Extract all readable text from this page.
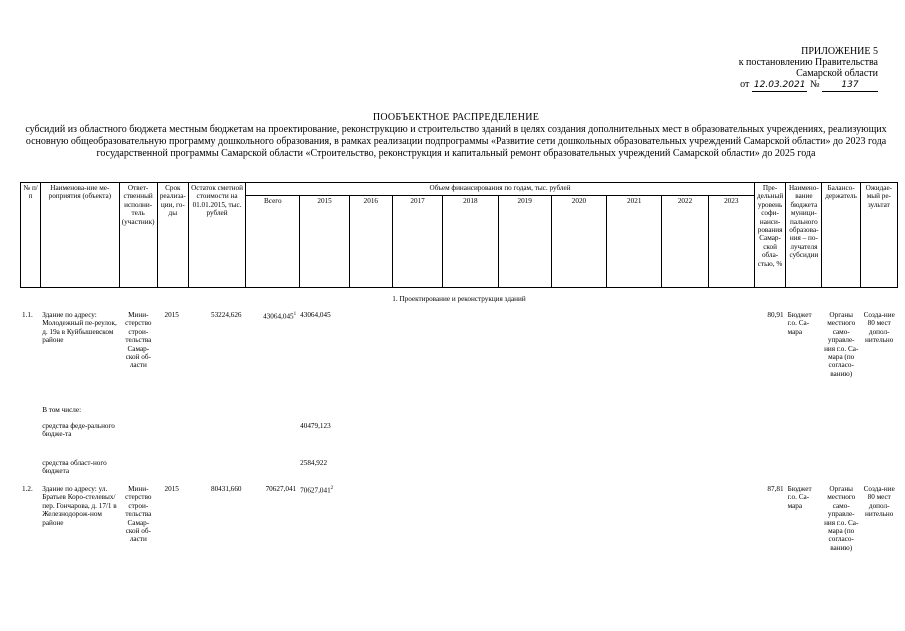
ПРИЛОЖЕНИЕ 5
к постановлению Правительства
Самарской области
от 12.03.2021 № 137
ПООБЪЕКТНОЕ РАСПРЕДЕЛЕНИЕ
субсидий из областного бюджета местным бюджетам на проектирование, реконструкцию и строительство зданий в целях создания дополнительных мест в образовательных учреждениях, реализующих основную общеобразовательную программу дошкольного образования, в рамках реализации подпрограммы «Развитие сети дошкольных образовательных учреждений Самарской области» до 2023 года государственной программы Самарской области «Строительство, реконструкция и капитальный ремонт образовательных учреждений Самарской области» до 2025 года
№ п/п	Наименова-ние ме-роприятия (объекта)	Ответ-ственный исполни-тель (участник)	Срок реализа-ции, го-ды	Остаток сметной стоимости на 01.01.2015, тыс. рублей	Объем финансирования по годам, тыс. рублей										Пре-дельный уровень софи-нанси-рования Самар-ской обла-стью, %	Наимено-вание бюджета муници-пального образова-ния – по-лучателя субсидии	Балансо-держатель	Ожидае-мый ре-зультат
					Всего	2015	2016	2017	2018	2019	2020	2021	2022	2023				
1. Проектирование и реконструкция зданий
1.1.	Здание по адресу: Молодежный пе-реулок, д. 19а в Куйбышевском районе	Мини-стерство строи-тельства Самар-ской об-ласти	2015	53224,626	43064,045$^1$	43064,045									80,91	Бюджет г.о. Са-мара	Органы местного само-управле-ния г.о. Са-мара (по согласо-ванию)	Созда-ние 80 мест допол-нительно
	В том числе:																	
	средства феде-рального бюдже-та					40479,123												
	средства област-ного бюджета					2584,922												
1.2.	Здание по адресу: ул. Братьев Коро-стелевых/пер. Гончарова, д. 17/1 в Железнодорож-ном районе	Мини-стерство строи-тельства Самар-ской об-ласти	2015	80431,660	70627,041	70627,041$^2$									87,81	Бюджет г.о. Са-мара	Органы местного само-управле-ния г.о. Са-мара (по согласо-ванию)	Созда-ние 80 мест допол-нительно
